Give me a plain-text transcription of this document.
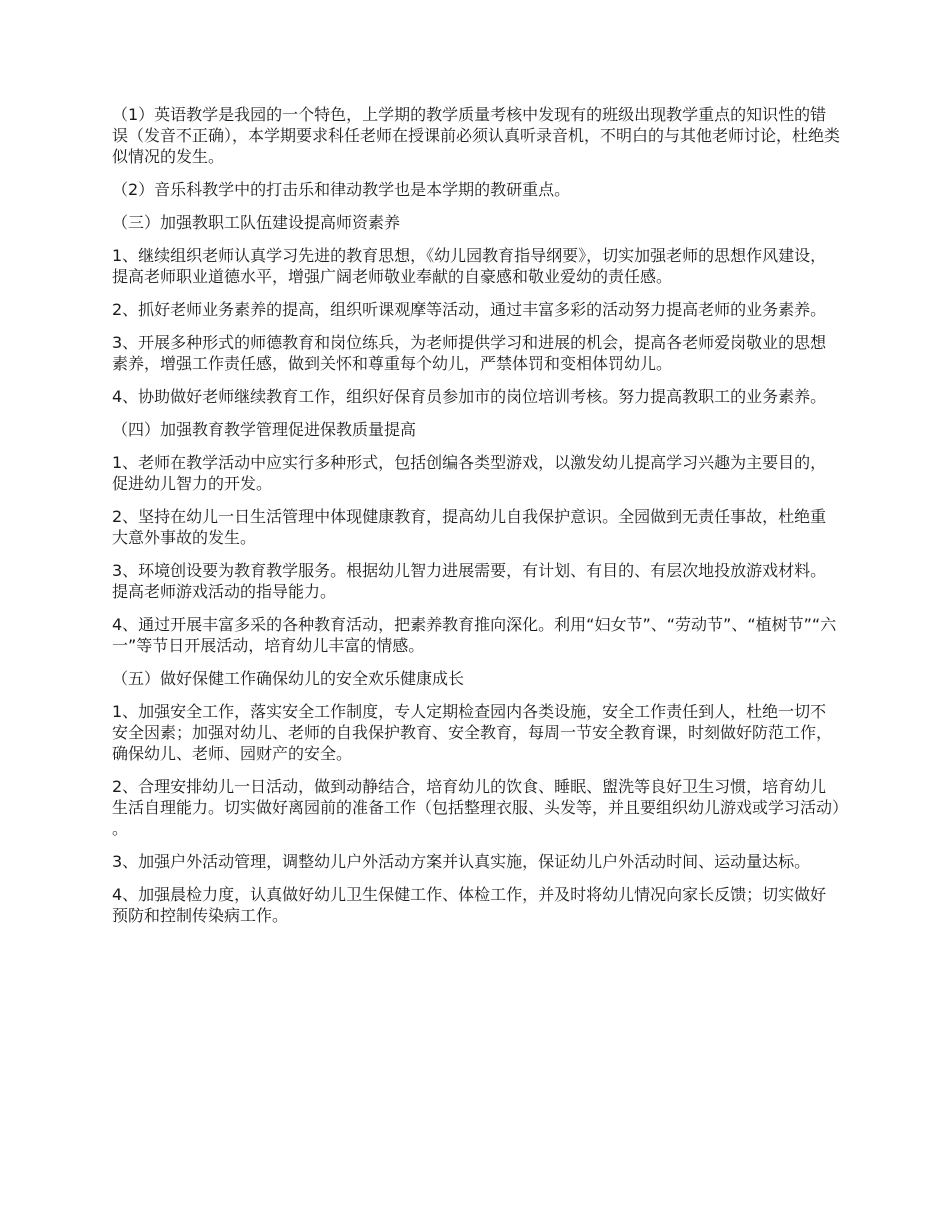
（1）英语教学是我园的一个特色，上学期的教学质量考核中发现有的班级出现教学重点的知识性的错误（发音不正确），本学期要求科任老师在授课前必须认真听录音机，不明白的与其他老师讨论，杜绝类似情况的发生。

（2）音乐科教学中的打击乐和律动教学也是本学期的教研重点。

（三）加强教职工队伍建设提高师资素养

1、继续组织老师认真学习先进的教育思想，《幼儿园教育指导纲要》，切实加强老师的思想作风建设，提高老师职业道德水平，增强广阔老师敬业奉献的自豪感和敬业爱幼的责任感。

2、抓好老师业务素养的提高，组织听课观摩等活动，通过丰富多彩的活动努力提高老师的业务素养。

3、开展多种形式的师德教育和岗位练兵，为老师提供学习和进展的机会，提高各老师爱岗敬业的思想素养，增强工作责任感，做到关怀和尊重每个幼儿，严禁体罚和变相体罚幼儿。

4、协助做好老师继续教育工作，组织好保育员参加市的岗位培训考核。努力提高教职工的业务素养。

（四）加强教育教学管理促进保教质量提高

1、老师在教学活动中应实行多种形式，包括创编各类型游戏，以激发幼儿提高学习兴趣为主要目的，促进幼儿智力的开发。

2、坚持在幼儿一日生活管理中体现健康教育，提高幼儿自我保护意识。全园做到无责任事故，杜绝重大意外事故的发生。

3、环境创设要为教育教学服务。根据幼儿智力进展需要，有计划、有目的、有层次地投放游戏材料。提高老师游戏活动的指导能力。

4、通过开展丰富多采的各种教育活动，把素养教育推向深化。利用“妇女节”、“劳动节”、“植树节”“六一”等节日开展活动，培育幼儿丰富的情感。

（五）做好保健工作确保幼儿的安全欢乐健康成长

1、加强安全工作，落实安全工作制度，专人定期检查园内各类设施，安全工作责任到人，杜绝一切不安全因素；加强对幼儿、老师的自我保护教育、安全教育，每周一节安全教育课，时刻做好防范工作，确保幼儿、老师、园财产的安全。

2、合理安排幼儿一日活动，做到动静结合，培育幼儿的饮食、睡眠、盥洗等良好卫生习惯，培育幼儿生活自理能力。切实做好离园前的准备工作（包括整理衣服、头发等，并且要组织幼儿游戏或学习活动）。

3、加强户外活动管理，调整幼儿户外活动方案并认真实施，保证幼儿户外活动时间、运动量达标。

4、加强晨检力度，认真做好幼儿卫生保健工作、体检工作，并及时将幼儿情况向家长反馈；切实做好预防和控制传染病工作。
